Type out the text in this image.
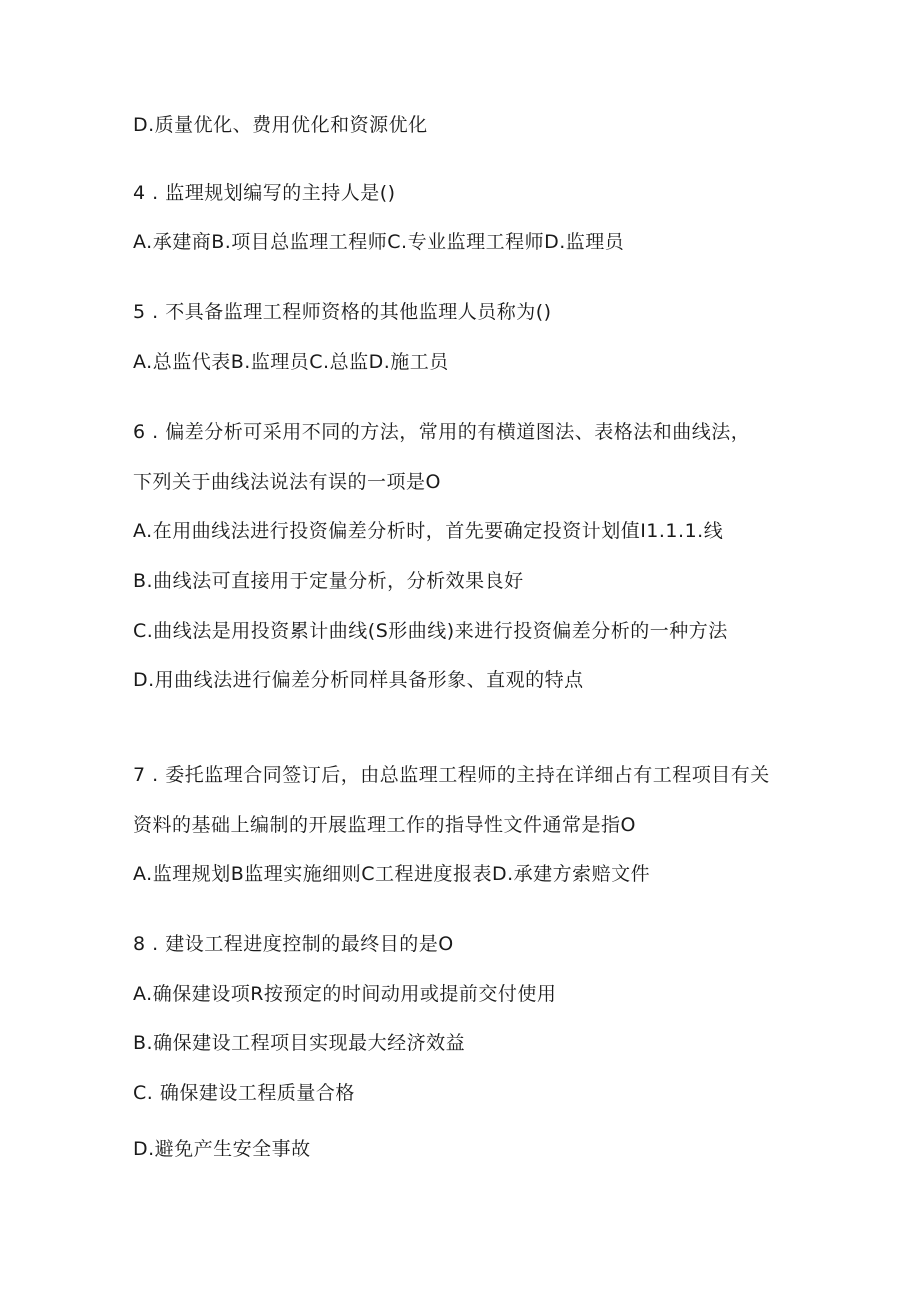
D.质量优化、费用优化和资源优化
4 . 监理规划编写的主持人是()
A.承建商B.项目总监理工程师C.专业监理工程师D.监理员
5 . 不具备监理工程师资格的其他监理人员称为()
A.总监代表B.监理员C.总监D.施工员
6 . 偏差分析可采用不同的方法，常用的有横道图法、表格法和曲线法，
下列关于曲线法说法有误的一项是O
A.在用曲线法进行投资偏差分析时，首先要确定投资计划值I1.1.1.线
B.曲线法可直接用于定量分析，分析效果良好
C.曲线法是用投资累计曲线(S形曲线)来进行投资偏差分析的一种方法
D.用曲线法进行偏差分析同样具备形象、直观的特点
7 . 委托监理合同签订后，由总监理工程师的主持在详细占有工程项目有关
资料的基础上编制的开展监理工作的指导性文件通常是指O
A.监理规划B监理实施细则C工程进度报表D.承建方索赔文件
8 . 建设工程进度控制的最终目的是O
A.确保建设项R按预定的时间动用或提前交付使用
B.确保建设工程项目实现最大经济效益
C. 确保建设工程质量合格
D.避免产生安全事故
